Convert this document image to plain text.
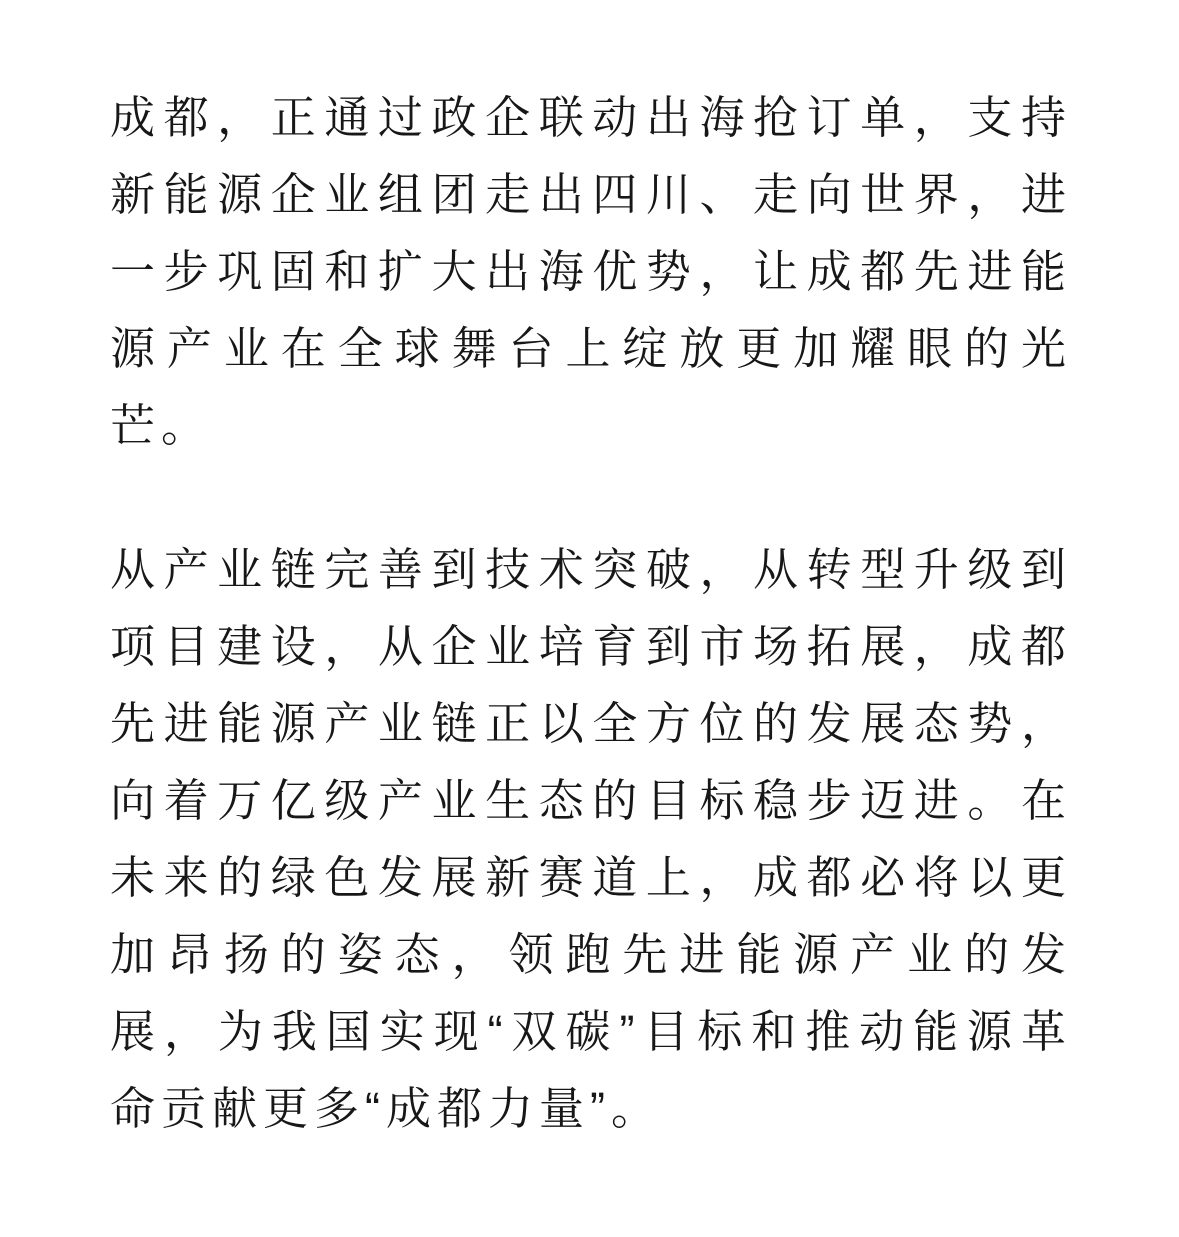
成都，正通过政企联动出海抢订单，支持
新能源企业组团走出四川、走向世界，进
一步巩固和扩大出海优势，让成都先进能
源产业在全球舞台上绽放更加耀眼的光
芒。

从产业链完善到技术突破，从转型升级到
项目建设，从企业培育到市场拓展，成都
先进能源产业链正以全方位的发展态势，
向着万亿级产业生态的目标稳步迈进。在
未来的绿色发展新赛道上，成都必将以更
加昂扬的姿态，领跑先进能源产业的发
展，为我国实现“双碳”目标和推动能源革
命贡献更多“成都力量”。
